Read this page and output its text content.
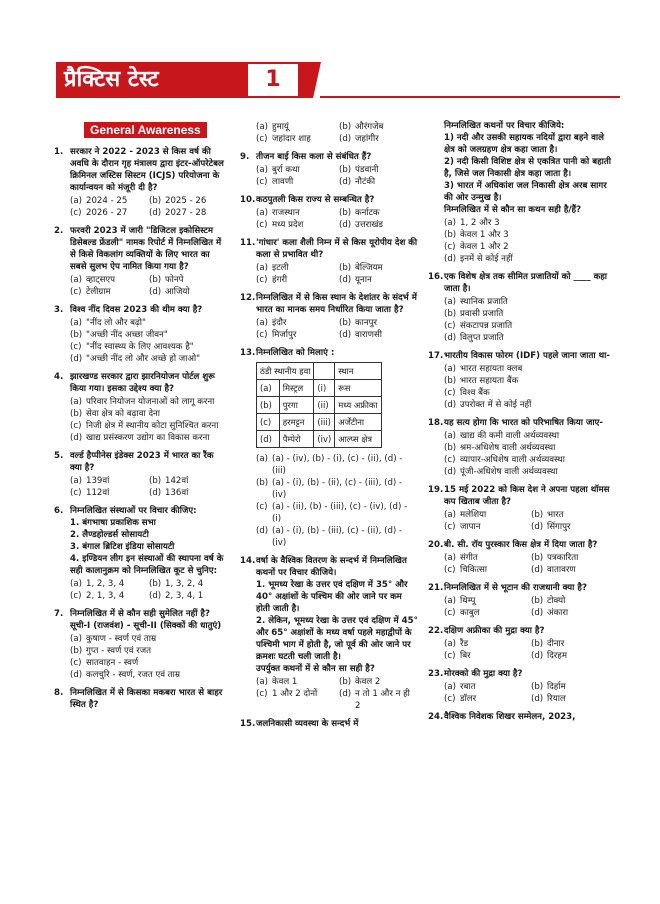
प्रैक्टिस टेस्ट	1
General Awareness
1. सरकार ने 2022 - 2023 से किस वर्ष की अवधि के दौरान गृह मंत्रालय द्वारा इंटर-ऑपरेटेबल क्रिमिनल जस्टिस सिस्टम (ICJS) परियोजना के कार्यान्वयन को मंजूरी दी है?
(a) 2024 - 25	(b) 2025 - 26
(c) 2026 - 27	(d) 2027 - 28
2. फरवरी 2023 में जारी "डिजिटल इकोसिस्टम डिसेबल्ड फ्रेंडली" नामक रिपोर्ट में निम्नलिखित में से किसे विकलांग व्यक्तियों के लिए भारत का सबसे सुलभ ऐप नामित किया गया है?
(a) व्हाट्सएप	(b) फोनपे
(c) टेलीग्राम	(d) आजियो
3. विश्व नींद दिवस 2023 की थीम क्या है?
(a) "नींद लो और बढ़ो"
(b) "अच्छी नींद अच्छा जीवन"
(c) "नींद स्वास्थ्य के लिए आवश्यक है"
(d) "अच्छी नींद लो और अच्छे हो जाओ"
4. झारखण्ड सरकार द्वारा झारनियोजन पोर्टल शुरू किया गया। इसका उद्देश्य क्या है?
(a) परिवार नियोजन योजनाओं को लागू करना
(b) सेवा क्षेत्र को बढ़ावा देना
(c) निजी क्षेत्र में स्थानीय कोटा सुनिश्चित करना
(d) खाद्य प्रसंस्करण उद्योग का विकास करना
5. वर्ल्ड हैप्पीनेस इंडेक्स 2023 में भारत का रैंक क्या है?
(a) 139वां	(b) 142वां
(c) 112वां	(d) 136वां
6. निम्नलिखित संस्थाओं पर विचार कीजिए:
1. बंगभाषा प्रकाशिक सभा
2. लैण्डहोल्डर्स सोसायटी
3. बंगाल ब्रिटिश इंडिया सोसायटी
4. इण्डियन लीग इन संस्थाओं की स्थापना वर्ष के सही कालानुक्रम को निम्नलिखित कूट से चुनिए:
(a) 1, 2, 3, 4	(b) 1, 3, 2, 4
(c) 2, 1, 3, 4	(d) 2, 3, 4, 1
7. निम्नलिखित में से कौन सही सुमेलित नहीं है? सूची-I (राजवंश) - सूची-II (सिक्कों की धातुएं)
(a) कुषाण - स्वर्ण एवं ताम्र
(b) गुप्त - स्वर्ण एवं रजत
(c) सातवाहन - स्वर्ण
(d) कलचुरि - स्वर्ण, रजत एवं ताम्र
8. निम्नलिखित में से किसका मकबरा भारत से बाहर स्थित है?
(a) हुमायूं	(b) औरंगजेब
(c) जहांदार शाह	(d) जहांगीर
9. तीजन बाई किस कला से संबंधित हैं?
(a) बुर्रा कथा	(b) पंडवानी
(c) लावणी	(d) नौटंकी
10. कठपुतली किस राज्य से सम्बन्धित है?
(a) राजस्थान	(b) कर्नाटक
(c) मध्य प्रदेश	(d) उत्तराखंड
11. 'गांधार' कला शैली निम्न में से किस यूरोपीय देश की कला से प्रभावित थी?
(a) इटली	(b) बेल्जियम
(c) हंगरी	(d) यूनान
12. निम्नलिखित में से किस स्थान के देशांतर के संदर्भ में भारत का मानक समय निर्धारित किया जाता है?
(a) इंदौर	(b) कानपुर
(c) मिर्जापुर	(d) वाराणसी
13. निम्नलिखित को मिलाएं :
ठंडी स्थानीय हवा			स्थान
(a)	मिस्ट्रल	(i)	रूस
(b)	पुरगा	(ii)	मध्य अफ्रीका
(c)	हरमट्टन	(iii)	अर्जेंटीना
(d)	पैम्पेरो	(iv)	आल्प्स क्षेत्र
(a) (a) - (iv), (b) - (i), (c) - (ii), (d) - (iii)
(b) (a) - (i), (b) - (ii), (c) - (iii), (d) - (iv)
(c) (a) - (ii), (b) - (iii), (c) - (iv), (d) - (i)
(d) (a) - (i), (b) - (iii), (c) - (ii), (d) - (iv)
14. वर्षा के वैश्विक वितरण के सन्दर्भ में निम्नलिखित कथनों पर विचार कीजिये।
1. भूमध्य रेखा के उत्तर एवं दक्षिण में 35° और 40° अक्षांशों के पश्चिम की ओर जाने पर कम होती जाती है।
2. लेकिन, भूमध्य रेखा के उत्तर एवं दक्षिण में 45° और 65° अक्षांशों के मध्य वर्षा पहले महाद्वीपों के पश्चिमी भाग में होती है, जो पूर्व की ओर जाने पर क्रमशः घटती चली जाती है।
उपर्युक्त कथनों में से कौन सा सही है?
(a) केवल 1	(b) केवल 2
(c) 1 और 2 दोनों	(d) न तो 1 और न ही 2
15. जलनिकासी व्यवस्था के सन्दर्भ में
निम्नलिखित कथनों पर विचार कीजिये:
1) नदी और उसकी सहायक नदियों द्वारा बहने वाले क्षेत्र को जलग्रहण क्षेत्र कहा जाता है।
2) नदी किसी विशिष्ट क्षेत्र से एकत्रित पानी को बहाती है, जिसे जल निकासी क्षेत्र कहा जाता है।
3) भारत में अधिकांश जल निकासी क्षेत्र अरब सागर की ओर उन्मुख है।
निम्नलिखित में से कौन सा कथन सही है/हैं?
(a) 1, 2 और 3
(b) केवल 1 और 3
(c) केवल 1 और 2
(d) इनमें से कोई नहीं
16. एक विशेष क्षेत्र तक सीमित प्रजातियों को ____ कहा जाता है।
(a) स्थानिक प्रजाति
(b) प्रवासी प्रजाति
(c) संकटापन्न प्रजाति
(d) विलुप्त प्रजाति
17. भारतीय विकास फोरम (IDF) पहले जाना जाता था-
(a) भारत सहायता क्लब
(b) भारत सहायता बैंक
(c) विश्व बैंक
(d) उपरोक्त में से कोई नहीं
18. यह सत्य होगा कि भारत को परिभाषित किया जाए-
(a) खाद्य की कमी वाली अर्थव्यवस्था
(b) श्रम-अधिशेष वाली अर्थव्यवस्था
(c) व्यापार-अधिशेष वाली अर्थव्यवस्था
(d) पूंजी-अधिशेष वाली अर्थव्यवस्था
19. 15 मई 2022 को किस देश ने अपना पहला थॉमस कप खिताब जीता है?
(a) मलेशिया	(b) भारत
(c) जापान	(d) सिंगापुर
20. बी. सी. रॉय पुरस्कार किस क्षेत्र में दिया जाता है?
(a) संगीत	(b) पत्रकारिता
(c) चिकित्सा	(d) वातावरण
21. निम्नलिखित में से भूटान की राजधानी क्या है?
(a) थिम्पू	(b) टोक्यो
(c) काबुल	(d) अंकारा
22. दक्षिण अफ्रीका की मुद्रा क्या है?
(a) रैंड	(b) दीनार
(c) बिर	(d) दिरहम
23. मोरक्को की मुद्रा क्या है?
(a) रबात	(b) दिर्हाम
(c) डॉलर	(d) रियाल
24. वैश्विक निवेशक शिखर सम्मेलन, 2023,
